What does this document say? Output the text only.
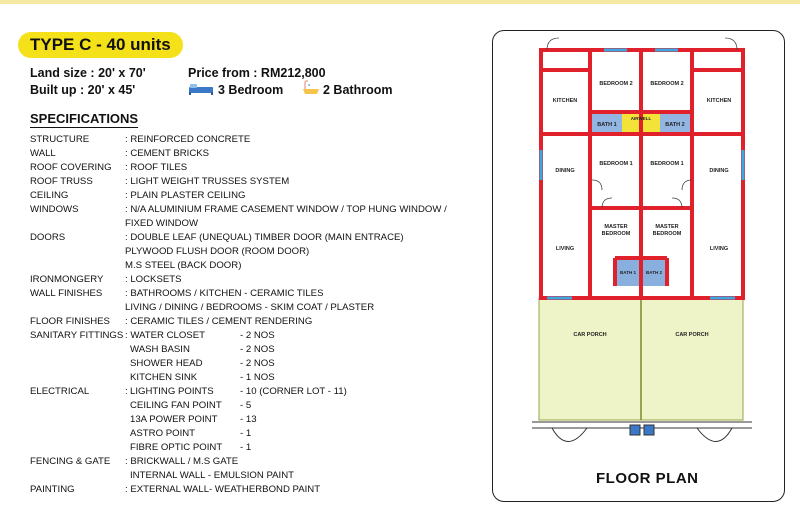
TYPE C - 40 units
Land size : 20' x 70'
Built up : 20' x 45'
Price from : RM212,800
3 Bedroom	2 Bathroom
SPECIFICATIONS
STRUCTURE	: REINFORCED CONCRETE
WALL	: CEMENT BRICKS
ROOF COVERING : ROOF TILES
ROOF TRUSS	: LIGHT WEIGHT TRUSSES SYSTEM
CEILING	: PLAIN PLASTER CEILING
WINDOWS	: N/A ALUMINIUM FRAME CASEMENT WINDOW / TOP HUNG WINDOW /
FIXED WINDOW
DOORS	: DOUBLE LEAF (UNEQUAL) TIMBER DOOR (MAIN ENTRACE)
PLYWOOD FLUSH DOOR (ROOM DOOR)
M.S STEEL (BACK DOOR)
IRONMONGERY : LOCKSETS
WALL FINISHES : BATHROOMS / KITCHEN - CERAMIC TILES
LIVING / DINING / BEDROOMS - SKIM COAT / PLASTER
FLOOR FINISHES : CERAMIC TILES / CEMENT RENDERING
SANITARY FITTINGS : WATER CLOSET	- 2 NOS
WASH BASIN	- 2 NOS
SHOWER HEAD	- 2 NOS
KITCHEN SINK	- 1 NOS
ELECTRICAL	: LIGHTING POINTS	- 10 (CORNER LOT - 11)
CEILING FAN POINT - 5
13A POWER POINT - 13
ASTRO POINT	- 1
FIBRE OPTIC POINT - 1
FENCING & GATE : BRICKWALL / M.S GATE
INTERNAL WALL - EMULSION PAINT
PAINTING	: EXTERNAL WALL- WEATHERBOND PAINT
BEDROOM 2	BEDROOM 2
KITCHEN	KITCHEN
BATH 1	BATH 2
AIRWELL
BEDROOM 1	BEDROOM 1
DINING	DINING
MASTER
BEDROOM
MASTER
BEDROOM
LIVING	LIVING
BATH 1 BATH 2
CAR PORCH	CAR PORCH
FLOOR PLAN
